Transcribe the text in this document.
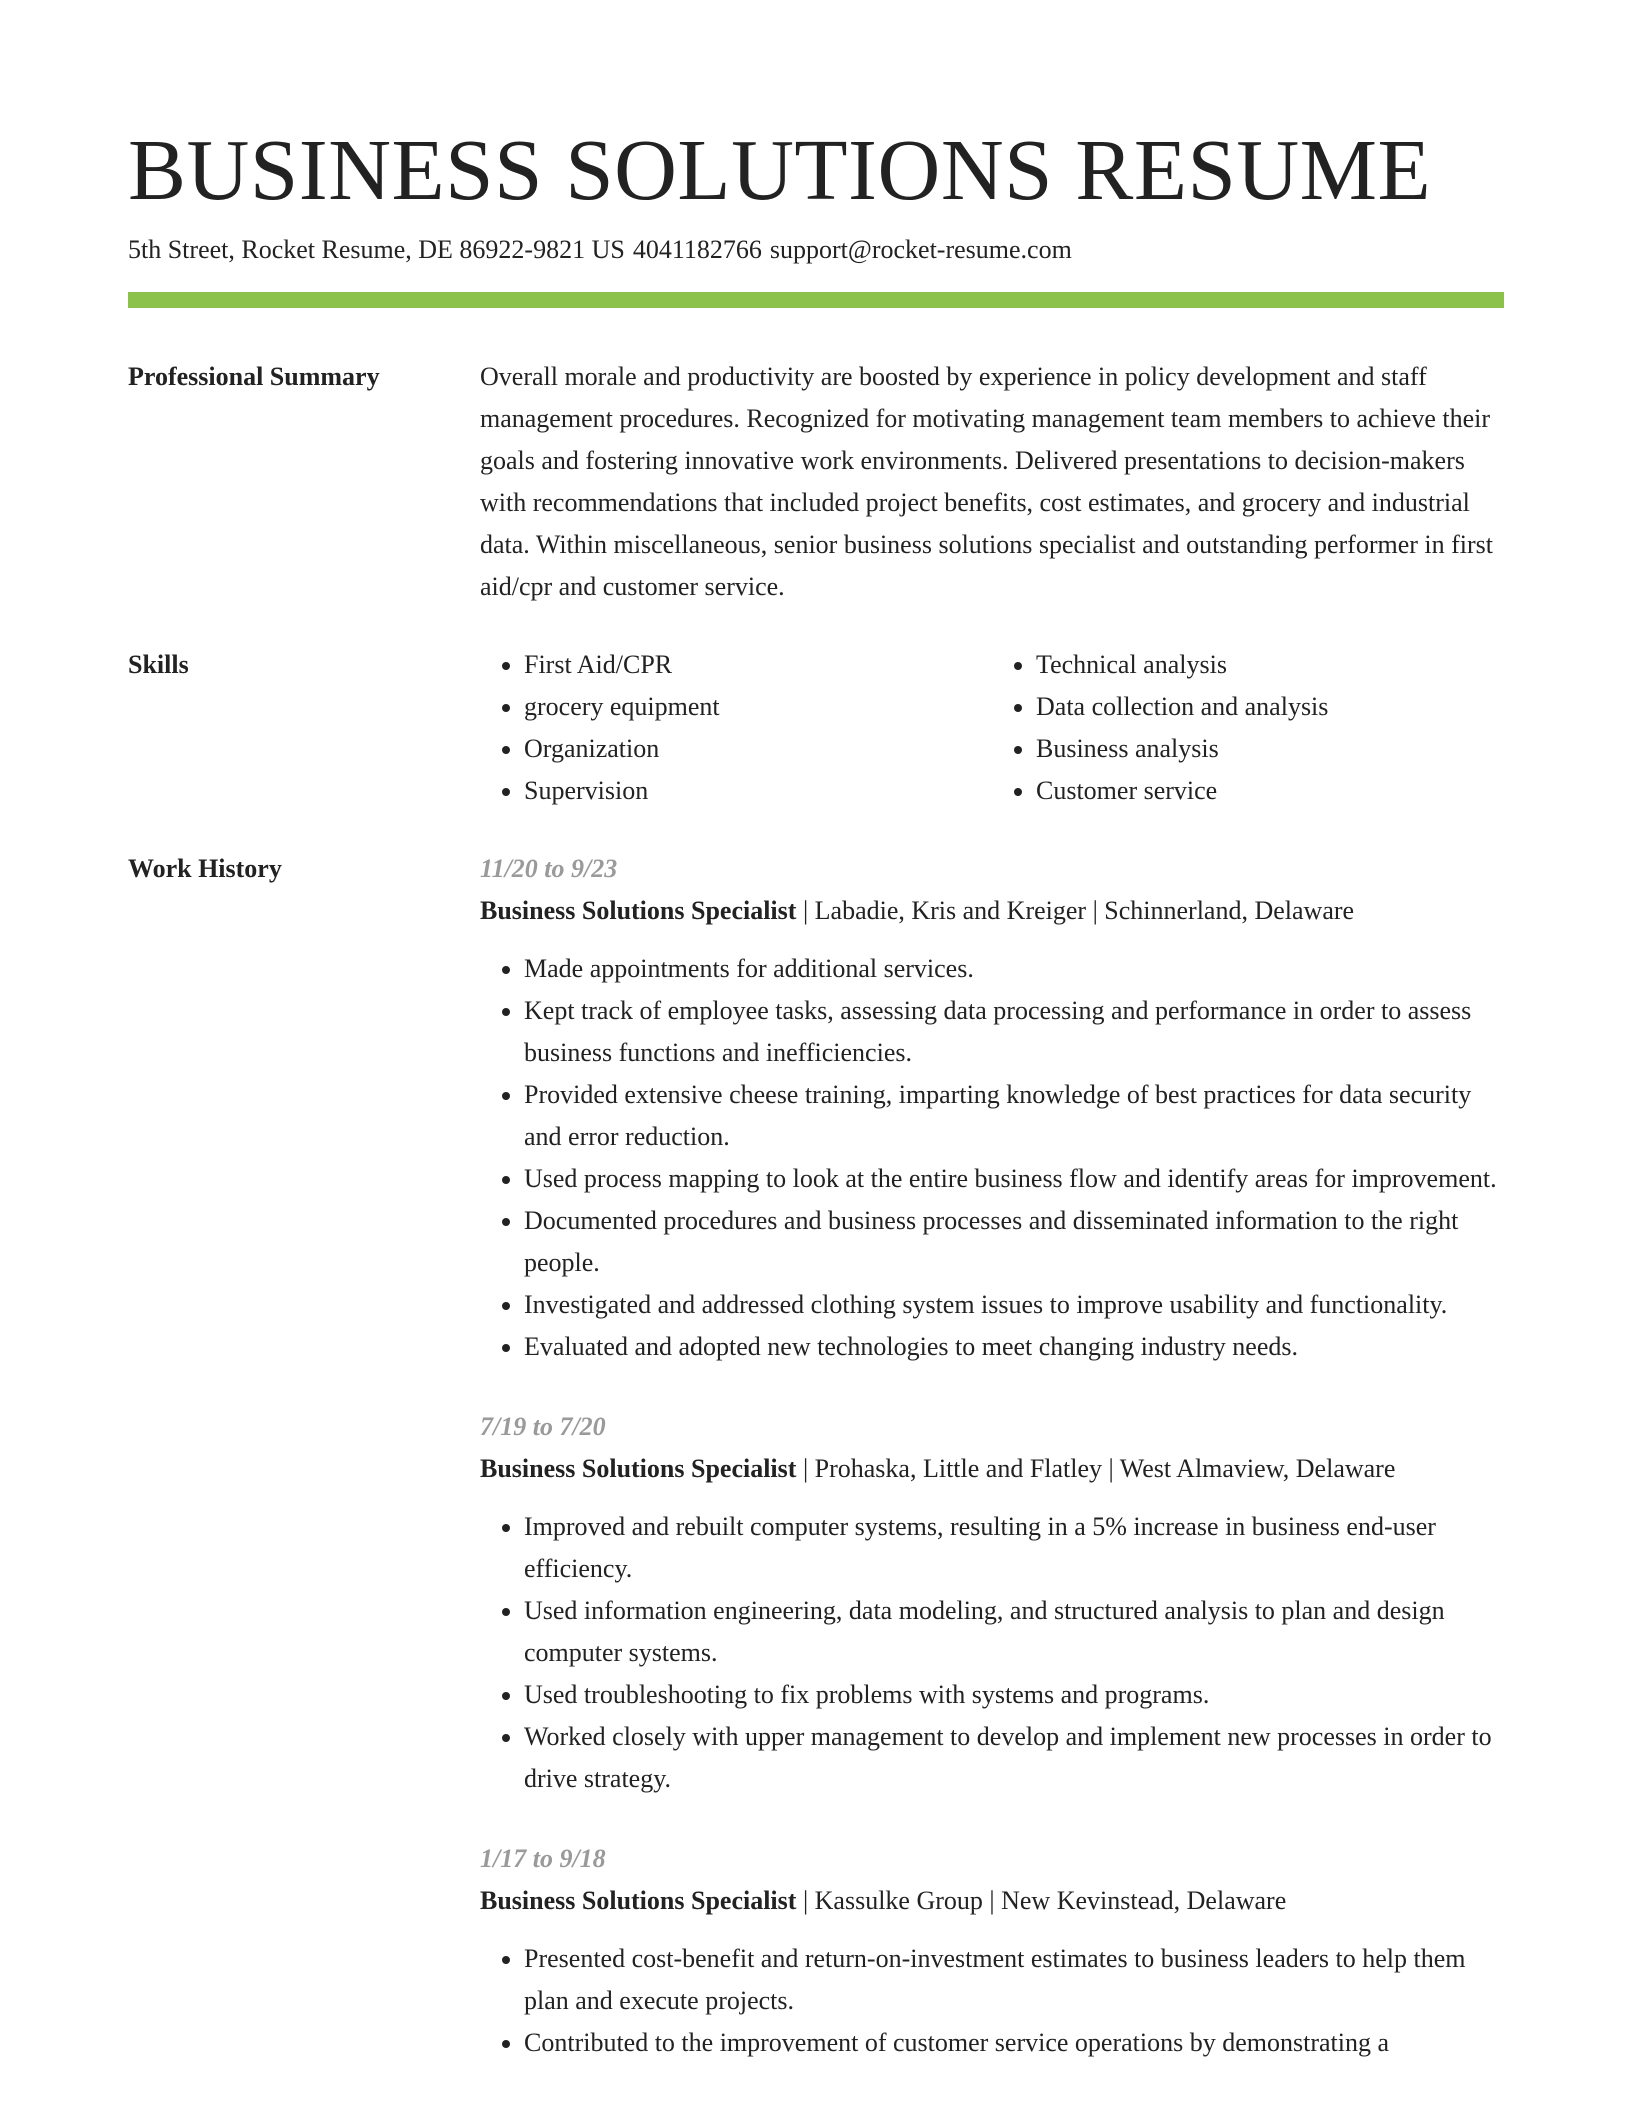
BUSINESS SOLUTIONS RESUME
5th Street, Rocket Resume, DE 86922-9821 US 4041182766 support@rocket-resume.com
Professional Summary	Overall morale and productivity are boosted by experience in policy development and staff management procedures. Recognized for motivating management team members to achieve their goals and fostering innovative work environments. Delivered presentations to decision-makers with recommendations that included project benefits, cost estimates, and grocery and industrial data. Within miscellaneous, senior business solutions specialist and outstanding performer in first aid/cpr and customer service.

Skills
•	First Aid/CPR
• grocery equipment
• Organization
• Supervision
• Technical analysis
• Data collection and analysis
• Business analysis
• Customer service
Work History	11/20 to 9/23
Business Solutions Specialist | Labadie, Kris and Kreiger | Schinnerland, Delaware
• Made appointments for additional services.
• Kept track of employee tasks, assessing data processing and performance in order to assess business functions and inefficiencies.
• Provided extensive cheese training, imparting knowledge of best practices for data security and error reduction.
• Used process mapping to look at the entire business flow and identify areas for improvement.
• Documented procedures and business processes and disseminated information to the right people.
• Investigated and addressed clothing system issues to improve usability and functionality.
• Evaluated and adopted new technologies to meet changing industry needs.
7/19 to 7/20
Business Solutions Specialist | Prohaska, Little and Flatley | West Almaview, Delaware
• Improved and rebuilt computer systems, resulting in a 5% increase in business end-user efficiency.
• Used information engineering, data modeling, and structured analysis to plan and design computer systems.
• Used troubleshooting to fix problems with systems and programs.
• Worked closely with upper management to develop and implement new processes in order to drive strategy.
1/17 to 9/18
Business Solutions Specialist | Kassulke Group | New Kevinstead, Delaware
• Presented cost-benefit and return-on-investment estimates to business leaders to help them plan and execute projects.
• Contributed to the improvement of customer service operations by demonstrating a
